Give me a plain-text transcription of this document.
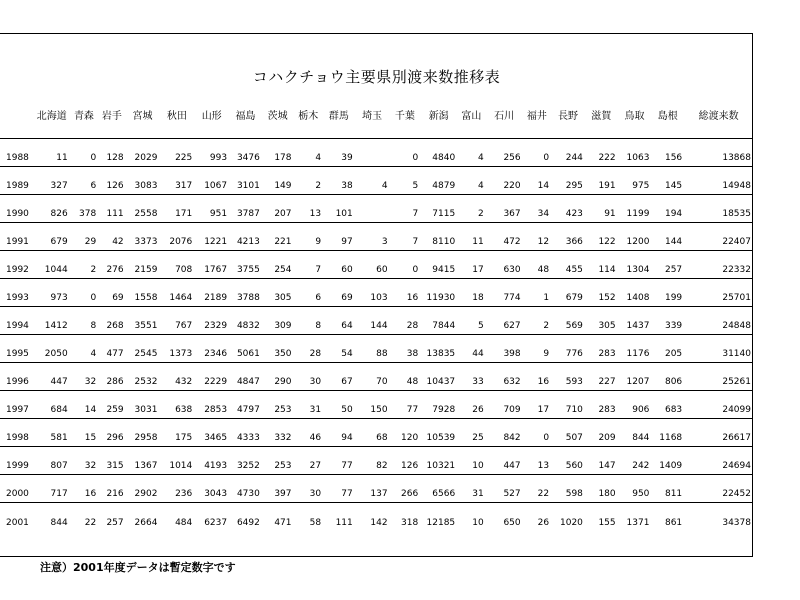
コハクチョウ主要県別渡来数推移表
	北海道	青森	岩手	宮城	秋田	山形	福島	茨城	栃木	群馬	埼玉	千葉	新潟	富山	石川	福井	長野	滋賀	鳥取	島根	総渡来数
1988	11	0	128	2029	225	993	3476	178	4	39		0	4840	4	256	0	244	222	1063	156	13868
1989	327	6	126	3083	317	1067	3101	149	2	38	4	5	4879	4	220	14	295	191	975	145	14948
1990	826	378	111	2558	171	951	3787	207	13	101		7	7115	2	367	34	423	91	1199	194	18535
1991	679	29	42	3373	2076	1221	4213	221	9	97	3	7	8110	11	472	12	366	122	1200	144	22407
1992	1044	2	276	2159	708	1767	3755	254	7	60	60	0	9415	17	630	48	455	114	1304	257	22332
1993	973	0	69	1558	1464	2189	3788	305	6	69	103	16	11930	18	774	1	679	152	1408	199	25701
1994	1412	8	268	3551	767	2329	4832	309	8	64	144	28	7844	5	627	2	569	305	1437	339	24848
1995	2050	4	477	2545	1373	2346	5061	350	28	54	88	38	13835	44	398	9	776	283	1176	205	31140
1996	447	32	286	2532	432	2229	4847	290	30	67	70	48	10437	33	632	16	593	227	1207	806	25261
1997	684	14	259	3031	638	2853	4797	253	31	50	150	77	7928	26	709	17	710	283	906	683	24099
1998	581	15	296	2958	175	3465	4333	332	46	94	68	120	10539	25	842	0	507	209	844	1168	26617
1999	807	32	315	1367	1014	4193	3252	253	27	77	82	126	10321	10	447	13	560	147	242	1409	24694
2000	717	16	216	2902	236	3043	4730	397	30	77	137	266	6566	31	527	22	598	180	950	811	22452
2001	844	22	257	2664	484	6237	6492	471	58	111	142	318	12185	10	650	26	1020	155	1371	861	34378
注意）2001年度データは暫定数字です
